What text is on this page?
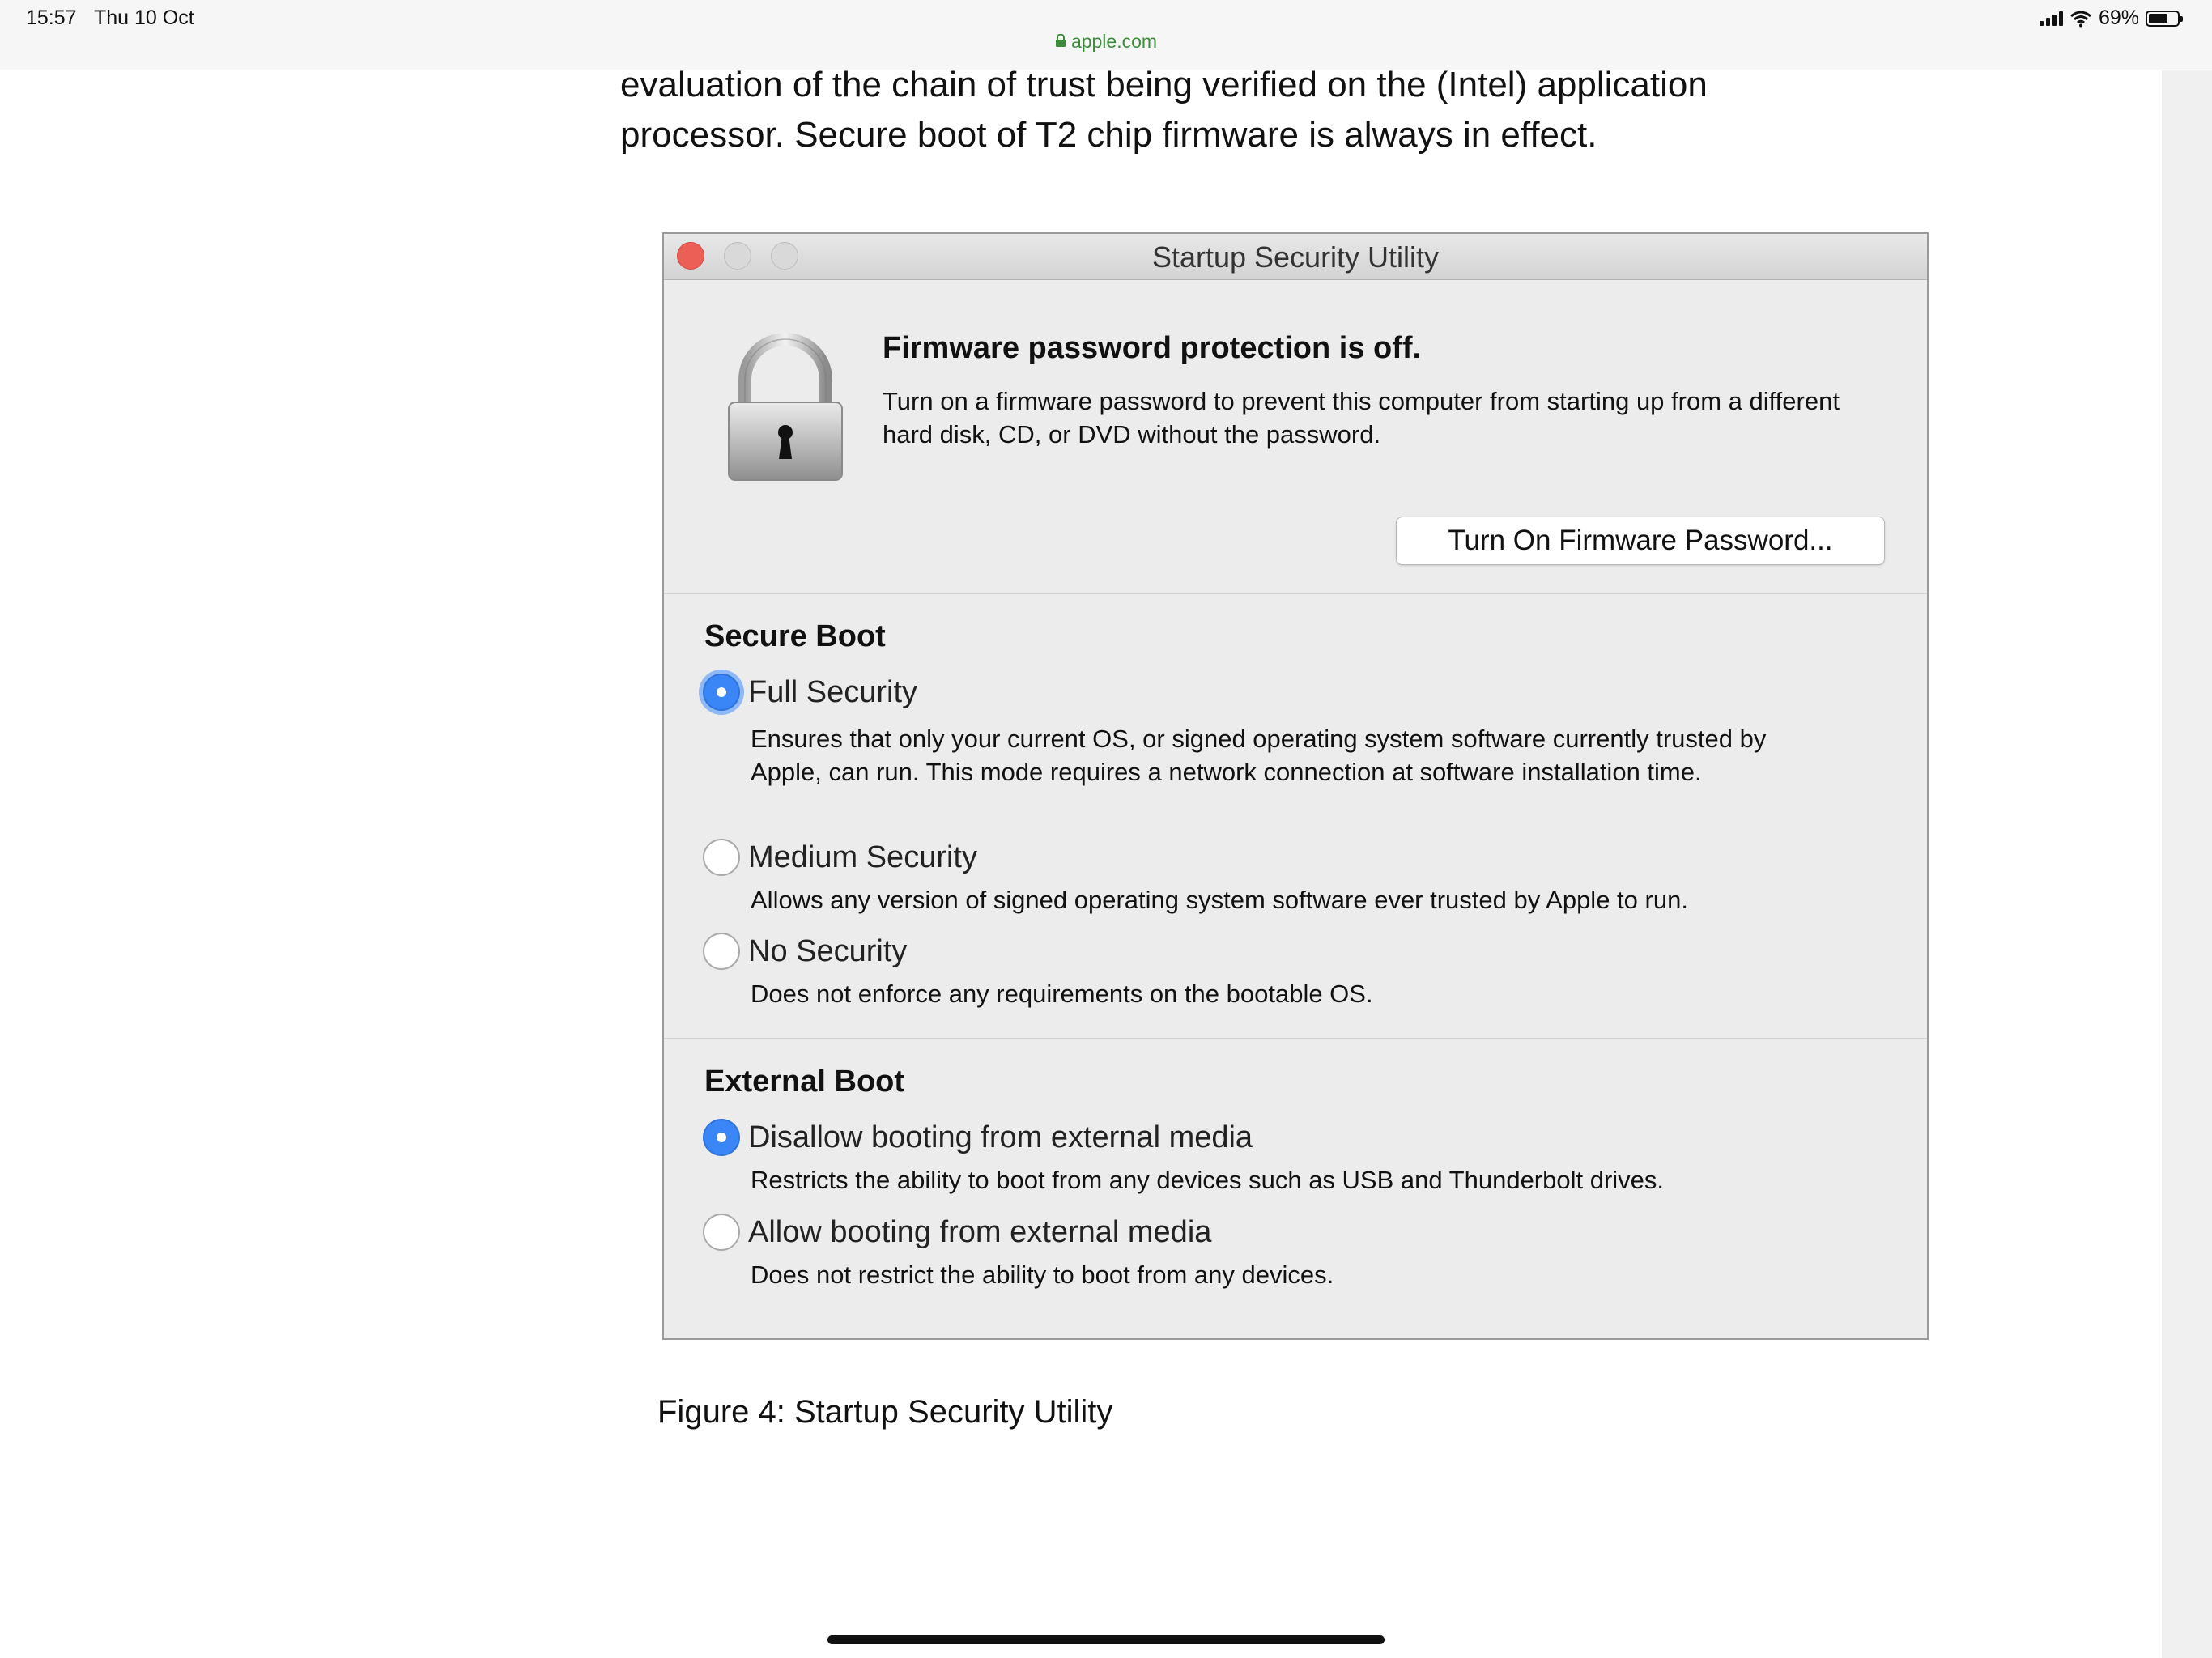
15:57 Thu 10 Oct	69%
apple.com

evaluation of the chain of trust being verified on the (Intel) application processor. Secure boot of T2 chip firmware is always in effect.

Startup Security Utility
Firmware password protection is off.
Turn on a firmware password to prevent this computer from starting up from a different hard disk, CD, or DVD without the password.
Turn On Firmware Password...
Secure Boot
Full Security
Ensures that only your current OS, or signed operating system software currently trusted by Apple, can run. This mode requires a network connection at software installation time.
Medium Security
Allows any version of signed operating system software ever trusted by Apple to run.
No Security
Does not enforce any requirements on the bootable OS.
External Boot
Disallow booting from external media
Restricts the ability to boot from any devices such as USB and Thunderbolt drives.
Allow booting from external media
Does not restrict the ability to boot from any devices.
Figure 4: Startup Security Utility
